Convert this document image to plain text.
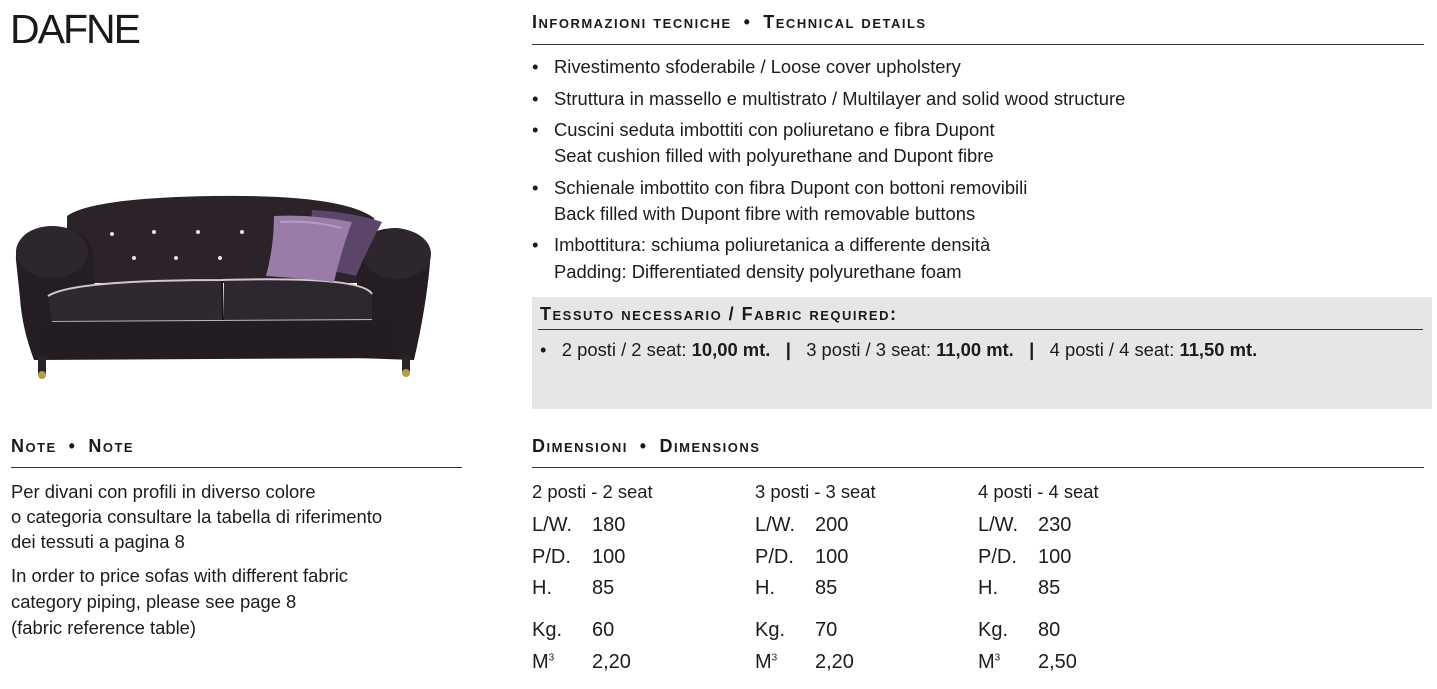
DAFNE	Informazioni tecniche  •  Technical details
• Rivestimento sfoderabile / Loose cover upholstery
• Struttura in massello e multistrato / Multilayer and solid wood structure
• Cuscini seduta imbottiti con poliuretano e fibra Dupont
Seat cushion filled with polyurethane and Dupont fibre
• Schienale imbottito con fibra Dupont con bottoni removibili
Back filled with Dupont fibre with removable buttons
• Imbottitura: schiuma poliuretanica a differente densità
Padding: Differentiated density polyurethane foam
Tessuto necessario / Fabric required:
• 2 posti / 2 seat: 10,00 mt. | 3 posti / 3 seat: 11,00 mt. | 4 posti / 4 seat: 11,50 mt.
Note  •  Note

Per divani con profili in diverso colore

o categoria consultare la tabella di riferimento

dei tessuti a pagina 8

In order to price sofas with different fabric

category piping, please see page 8

(fabric reference table)

Dimensioni  •  Dimensions
2 posti - 2 seat
L/W. 180
P/D. 100
H. 85
Kg. 60
$M^3$ 2,20
3 posti - 3 seat
L/W. 200
P/D. 100
H. 85
Kg. 70
$M^3$ 2,20
4 posti - 4 seat
L/W. 230
P/D. 100
H. 85
Kg. 80
$M^3$ 2,50
